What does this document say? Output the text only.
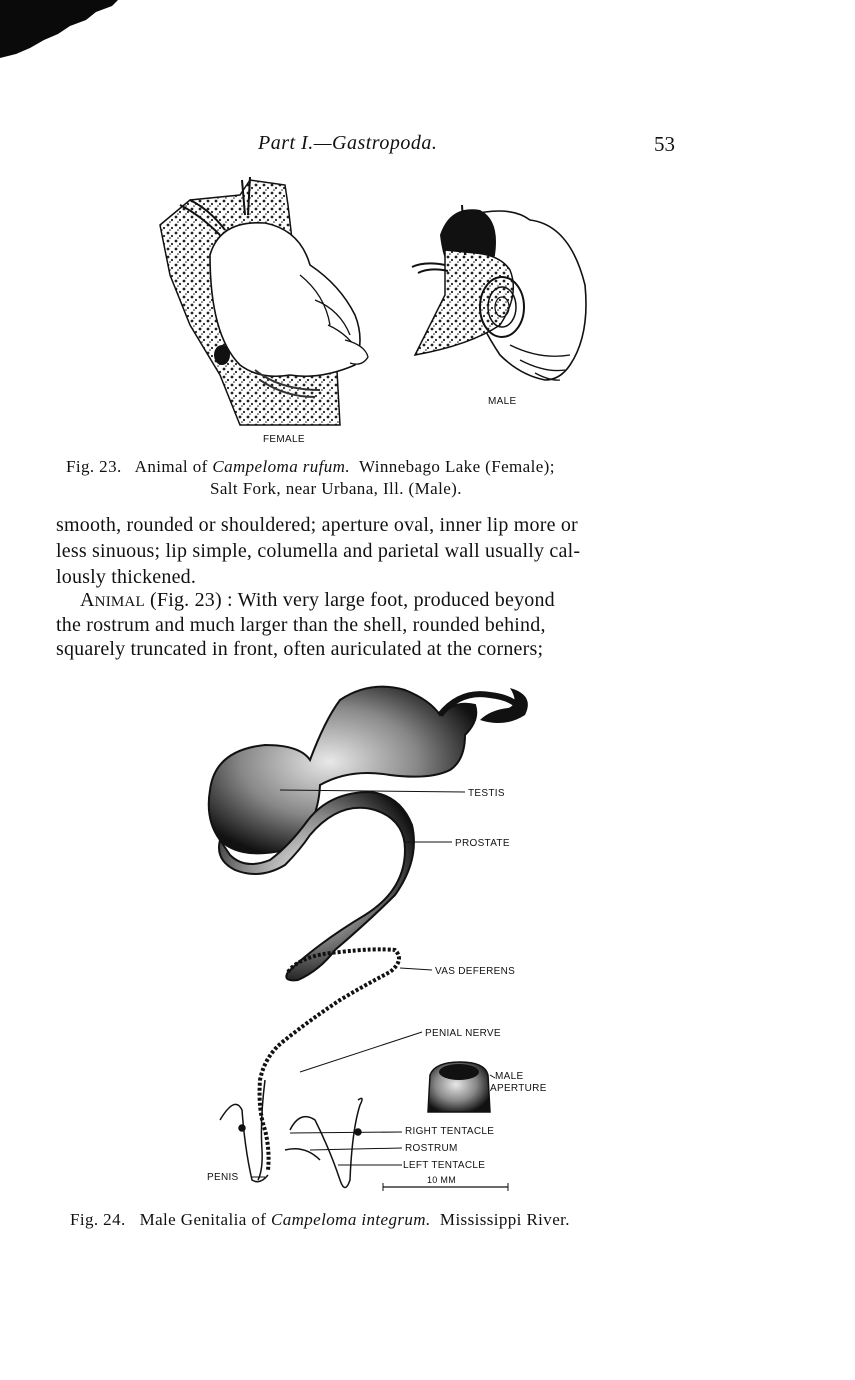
Part I.—Gastropoda.	53
FEMALE
MALE
Fig. 23. Animal of Campeloma rufum. Winnebago Lake (Female);
Salt Fork, near Urbana, Ill. (Male).
smooth, rounded or shouldered; aperture oval, inner lip more or
less sinuous; lip simple, columella and parietal wall usually cal-
lously thickened.
ANIMAL (Fig. 23) : With very large foot, produced beyond
the rostrum and much larger than the shell, rounded behind,
squarely truncated in front, often auriculated at the corners;
TESTIS
PROSTATE
VAS DEFERENS
PENIAL NERVE
MALE
APERTURE
RIGHT TENTACLE
ROSTRUM
LEFT TENTACLE
PENIS	10 MM
Fig. 24. Male Genitalia of Campeloma integrum. Mississippi River.
